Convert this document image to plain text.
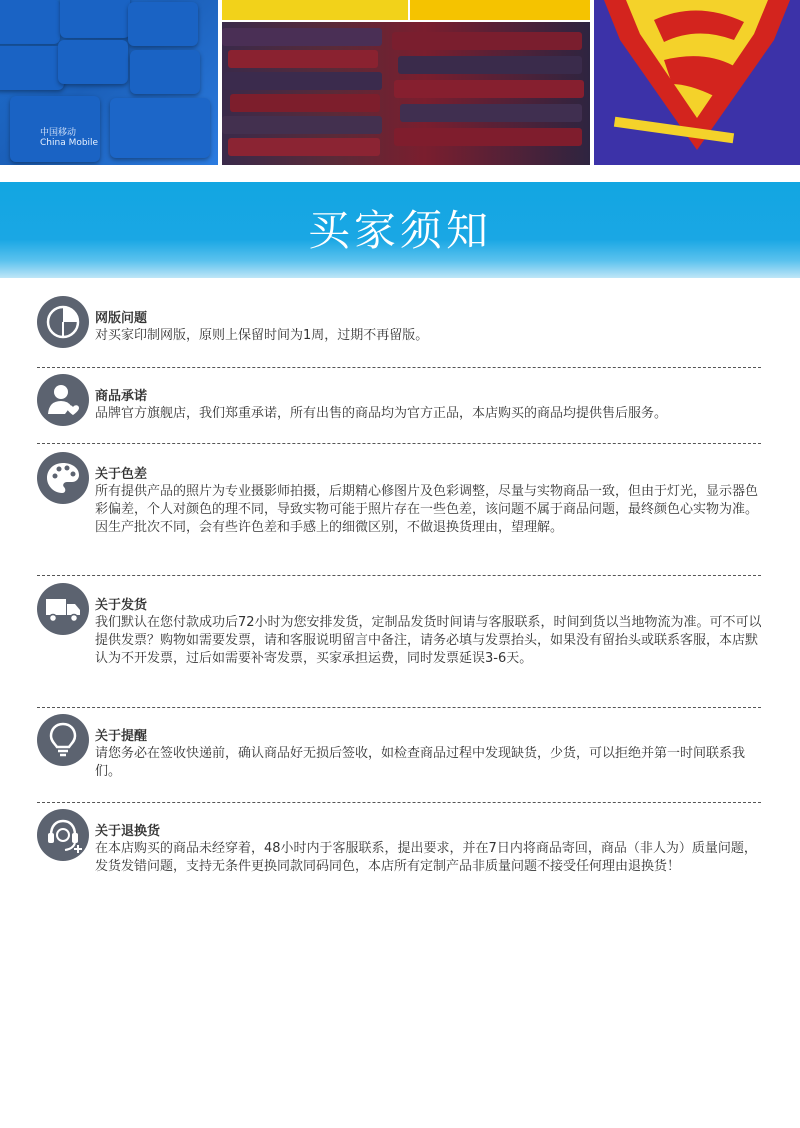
中国移动
China Mobile
买家须知
网版问题

对买家印制网版，原则上保留时间为1周，过期不再留版。

商品承诺

品牌官方旗舰店，我们郑重承诺，所有出售的商品均为官方正品，本店购买的商品均提供售后服务。

关于色差

所有提供产品的照片为专业摄影师拍摄，后期精心修图片及色彩调整，尽量与实物商品一致，但由于灯光，显示器色彩偏差，个人对颜色的理不同，导致实物可能于照片存在一些色差，该问题不属于商品问题，最终颜色心实物为准。

因生产批次不同，会有些许色差和手感上的细微区别，不做退换货理由，望理解。

关于发货

我们默认在您付款成功后72小时为您安排发货，定制品发货时间请与客服联系，时间到货以当地物流为准。可不可以提供发票？购物如需要发票，请和客服说明留言中备注，请务必填与发票抬头，如果没有留抬头或联系客服，本店默认为不开发票，过后如需要补寄发票，买家承担运费，同时发票延误3-6天。

关于提醒

请您务必在签收快递前，确认商品好无损后签收，如检查商品过程中发现缺货，少货，可以拒绝并第一时间联系我们。

关于退换货

在本店购买的商品未经穿着，48小时内于客服联系，提出要求，并在7日内将商品寄回，商品（非人为）质量问题，发货发错问题，支持无条件更换同款同码同色，本店所有定制产品非质量问题不接受任何理由退换货！
